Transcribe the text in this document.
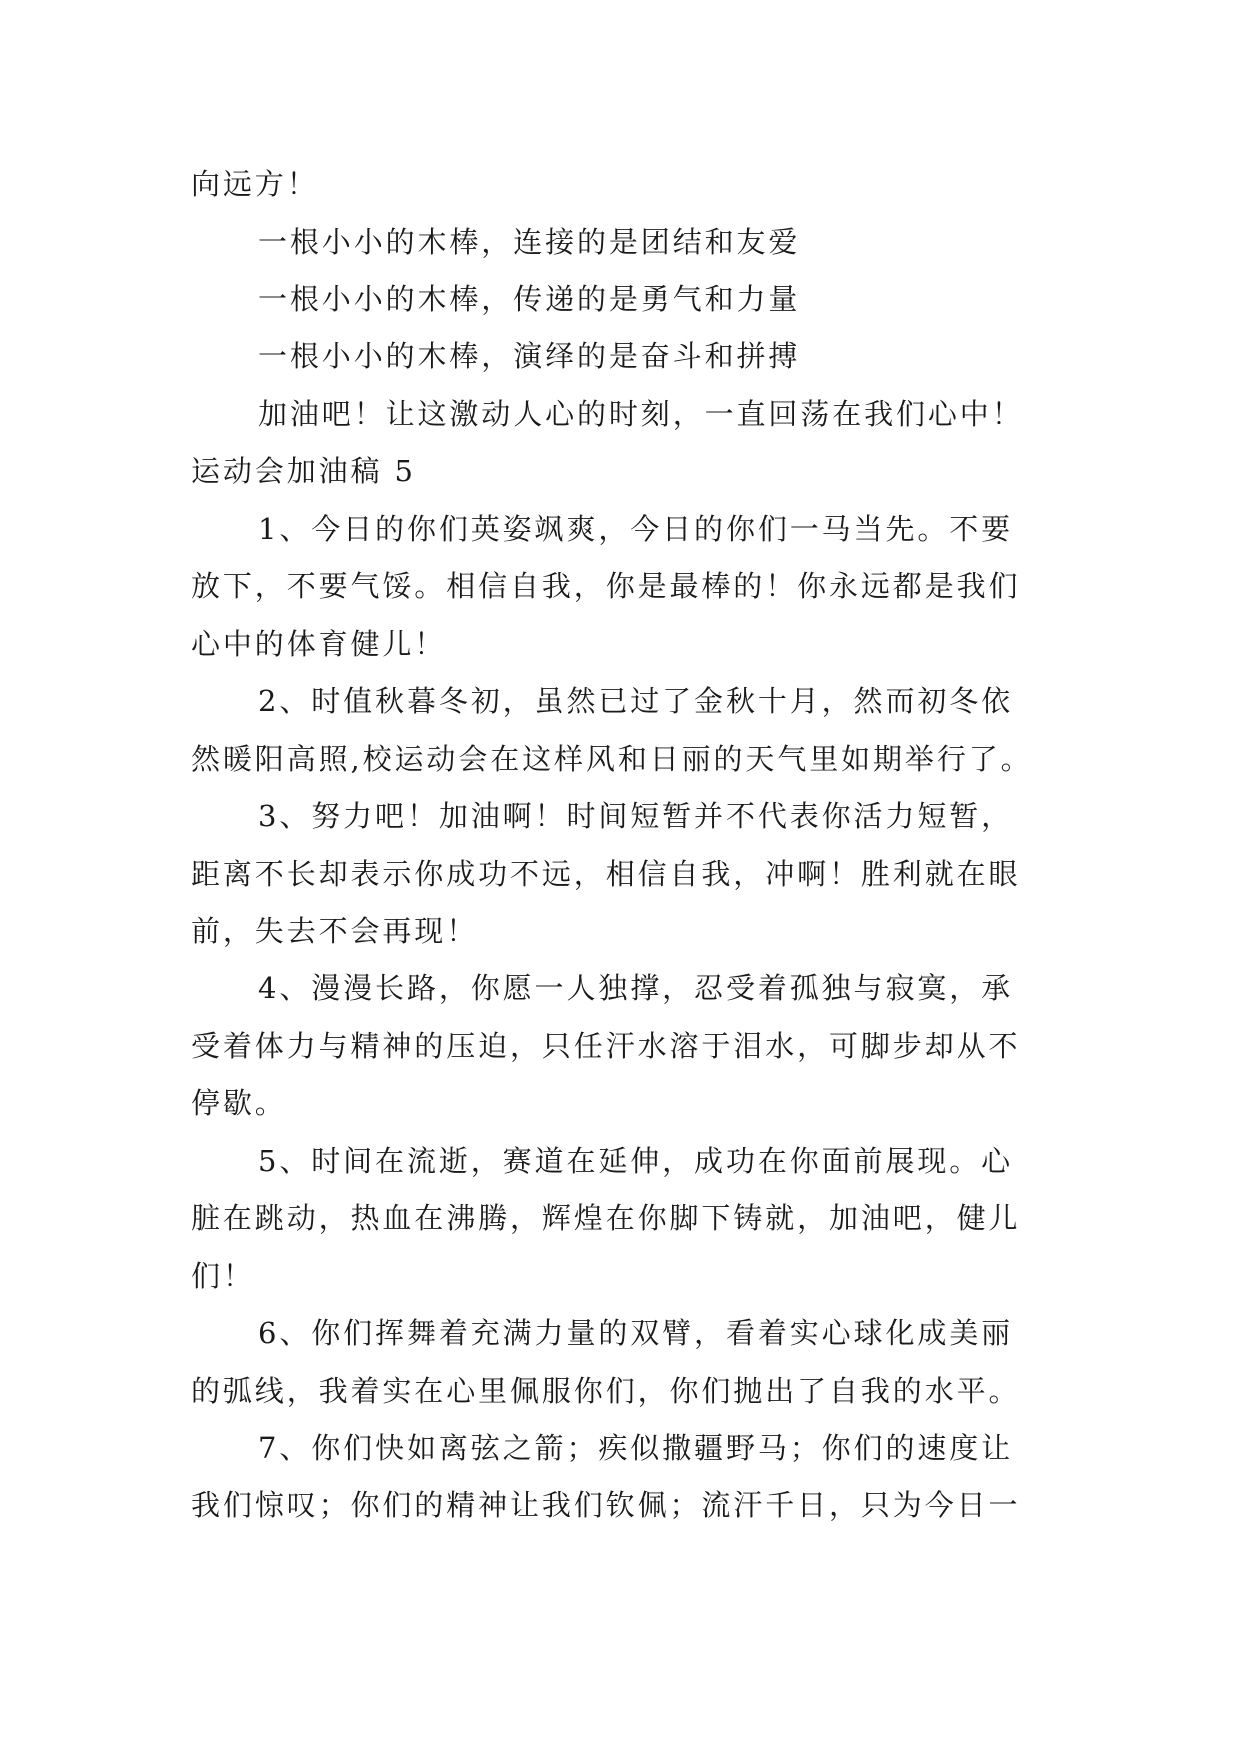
向远方！
一根小小的木棒，连接的是团结和友爱
一根小小的木棒，传递的是勇气和力量
一根小小的木棒，演绎的是奋斗和拼搏
加油吧！让这激动人心的时刻，一直回荡在我们心中！
运动会加油稿 5
1、今日的你们英姿飒爽，今日的你们一马当先。不要
放下，不要气馁。相信自我，你是最棒的！你永远都是我们
心中的体育健儿！
2、时值秋暮冬初，虽然已过了金秋十月，然而初冬依
然暖阳高照,校运动会在这样风和日丽的天气里如期举行了。
3、努力吧！加油啊！时间短暂并不代表你活力短暂，
距离不长却表示你成功不远，相信自我，冲啊！胜利就在眼
前，失去不会再现！
4、漫漫长路，你愿一人独撑，忍受着孤独与寂寞，承
受着体力与精神的压迫，只任汗水溶于泪水，可脚步却从不
停歇。
5、时间在流逝，赛道在延伸，成功在你面前展现。心
脏在跳动，热血在沸腾，辉煌在你脚下铸就，加油吧，健儿
们！
6、你们挥舞着充满力量的双臂，看着实心球化成美丽
的弧线，我着实在心里佩服你们，你们抛出了自我的水平。
7、你们快如离弦之箭；疾似撒疆野马；你们的速度让
我们惊叹；你们的精神让我们钦佩；流汗千日，只为今日一
